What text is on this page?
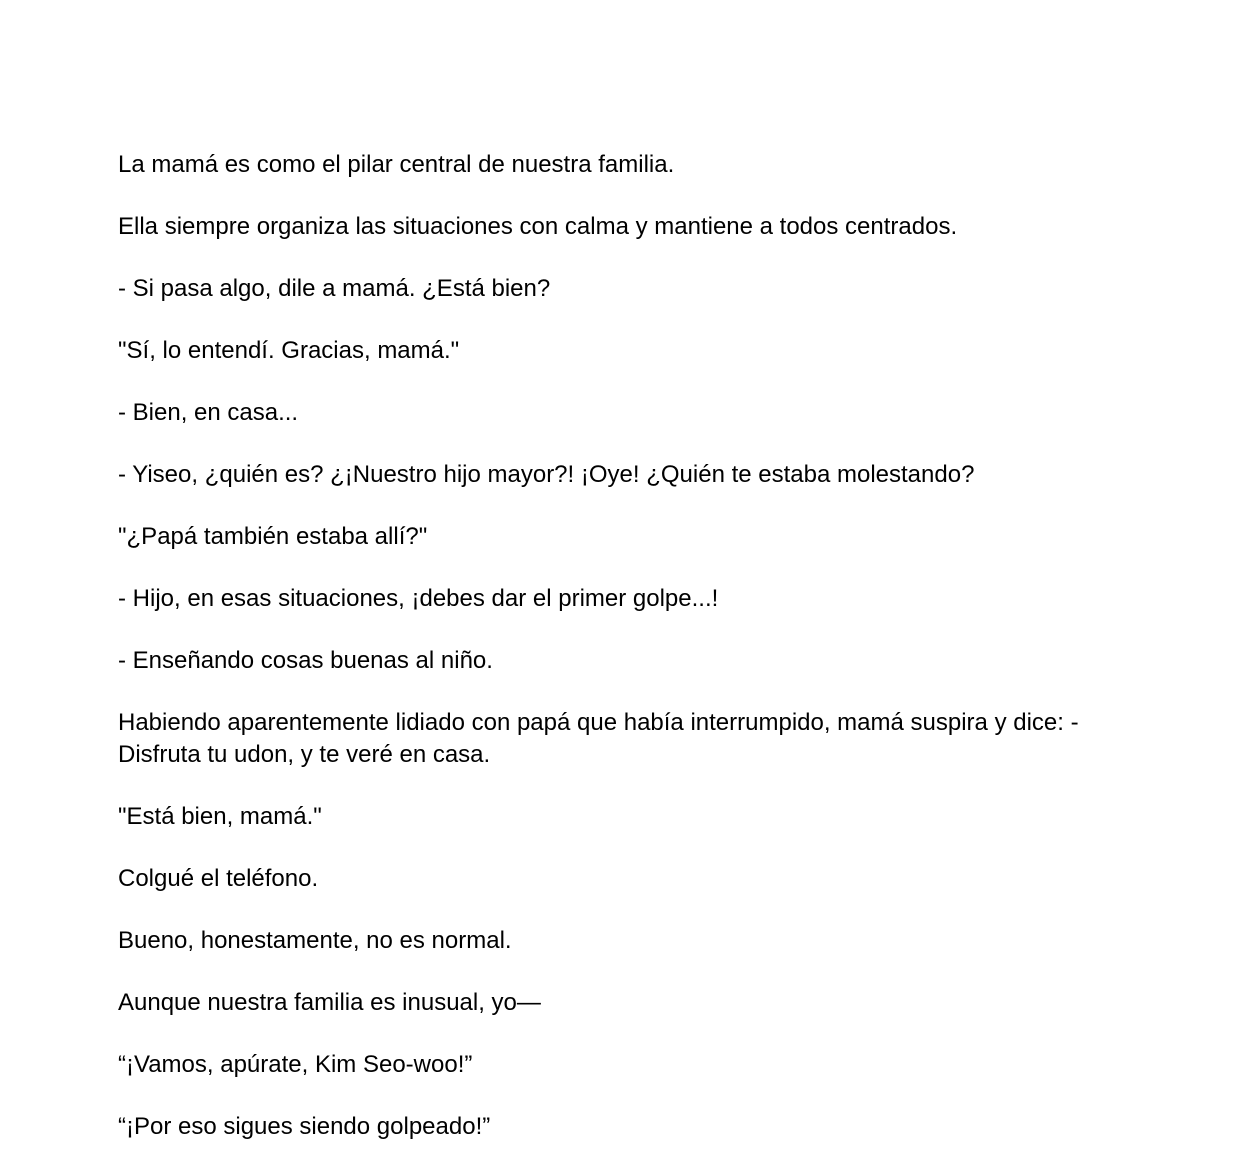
La mamá es como el pilar central de nuestra familia.

Ella siempre organiza las situaciones con calma y mantiene a todos centrados.

- Si pasa algo, dile a mamá. ¿Está bien?

"Sí, lo entendí. Gracias, mamá."

- Bien, en casa...

- Yiseo, ¿quién es? ¿¡Nuestro hijo mayor?! ¡Oye! ¿Quién te estaba molestando?

"¿Papá también estaba allí?"

- Hijo, en esas situaciones, ¡debes dar el primer golpe...!

- Enseñando cosas buenas al niño.

Habiendo aparentemente lidiado con papá que había interrumpido, mamá suspira y dice: - Disfruta tu udon, y te veré en casa.

"Está bien, mamá."

Colgué el teléfono.

Bueno, honestamente, no es normal.

Aunque nuestra familia es inusual, yo—

“¡Vamos, apúrate, Kim Seo-woo!”

“¡Por eso sigues siendo golpeado!”
